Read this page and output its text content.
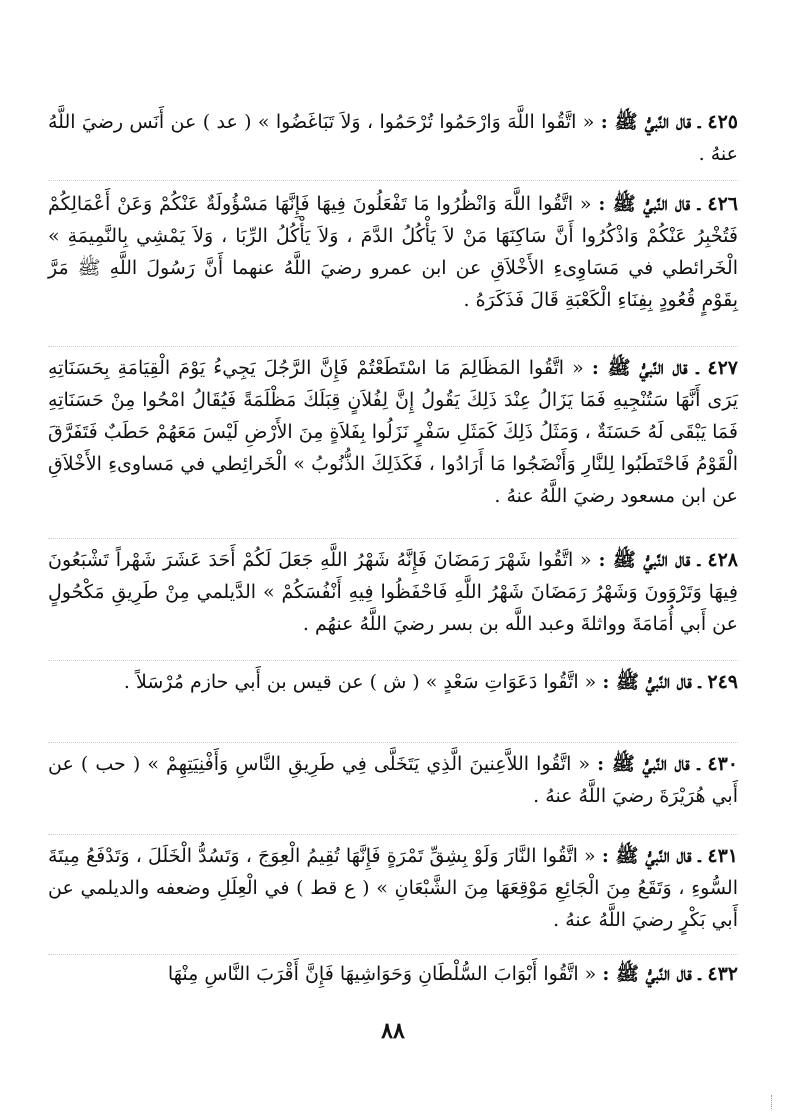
٤٢٥ ـ قال النَّبيُّ ﷺ : « اتَّقُوا اللَّهَ وَارْحَمُوا تُرْحَمُوا ، وَلاَ تَبَاغَضُوا » ( عد ) عن أَنَس رضيَ اللَّهُ عنهُ .
٤٢٦ ـ قال النَّبيُّ ﷺ : « اتَّقُوا اللَّهَ وَانْظُرُوا مَا تَفْعَلُونَ فِيهَا فَإِنَّهَا مَسْؤُولَةٌ عَنْكُمْ وَعَنْ أَعْمَالِكُمْ فَتُخْبِرُ عَنْكُمْ وَاذْكُرُوا أَنَّ سَاكِنَهَا مَنْ لاَ يَأْكُلُ الدَّمَ ، وَلاَ يَأْكُلُ الرِّبَا ، وَلاَ يَمْشِي بِالنَّمِيمَةِ » الْخَرائطي في مَسَاوِىءِ الأَخْلاَقِ عن ابن عمرو رضيَ اللَّهُ عنهما أَنَّ رَسُولَ اللَّهِ ﷺ مَرَّ بِقَوْمٍ قُعُودٍ بِفِنَاءِ الْكَعْبَةِ قَالَ فَذَكَرَهُ .
٤٢٧ ـ قال النَّبيُّ ﷺ : « اتَّقُوا المَظَالِمَ مَا اسْتَطَعْتُمْ فَإِنَّ الرَّجُلَ يَجِيءُ يَوْمَ الْقِيَامَةِ بِحَسَنَاتِهِ يَرَى أَنَّهَا سَتُنْجِيهِ فَمَا يَزَالُ عِنْدَ ذَلِكَ يَقُولُ إِنَّ لِفُلاَنٍ قِبَلَكَ مَظْلَمَةً فَيُقَالُ امْحُوا مِنْ حَسَنَاتِهِ فَمَا يَبْقَى لَهُ حَسَنَةٌ ، وَمَثَلُ ذَلِكَ كَمَثَلِ سَفْرٍ نَزَلُوا بِفَلاَةٍ مِنَ الأَرْضِ لَيْسَ مَعَهُمْ حَطَبٌ فَتَفَرَّقَ الْقَوْمُ فَاحْتَطَبُوا لِلنَّارِ وَأَنْضَجُوا مَا أَرَادُوا ، فَكَذَلِكَ الذُّنُوبُ » الْخَرائِطي في مَساوىءِ الأَخْلاَقِ عن ابن مسعود رضيَ اللَّهُ عنهُ .
٤٢٨ ـ قال النَّبيُّ ﷺ : « اتَّقُوا شَهْرَ رَمَضَانَ فَإِنَّهُ شَهْرُ اللَّهِ جَعَلَ لَكُمْ أَحَدَ عَشَرَ شَهْراً تَشْبَعُونَ فِيهَا وَتَرْوَونَ وَشَهْرُ رَمَضَانَ شَهْرُ اللَّهِ فَاحْفَظُوا فِيهِ أَنْفُسَكُمْ » الدَّيلمي مِنْ طَرِيقِ مَكْحُولٍ عن أَبي أُمَامَةَ وواثلةَ وعبد اللَّه بن بسر رضيَ اللَّهُ عنهُم .
٢٤٩ ـ قال النَّبيُّ ﷺ : « اتَّقُوا دَعَوَاتِ سَعْدٍ » ( ش ) عن قيس بن أَبي حازم مُرْسَلاً .
٤٣٠ ـ قال النَّبيُّ ﷺ : « اتَّقُوا اللاَّعِنينَ الَّذِي يَتَخَلَّى فِي طَرِيقِ النَّاسِ وَأَفْنِيَتِهِمْ » ( حب ) عن أَبي هُرَيْرَةَ رضيَ اللَّهُ عنهُ .
٤٣١ ـ قال النَّبيُّ ﷺ : « اتَّقُوا النَّارَ وَلَوْ بِشِقِّ تَمْرَةٍ فَإِنَّهَا تُقِيمُ الْعِوَجَ ، وَتَسُدُّ الْخَلَلَ ، وَتَدْفَعُ مِيتَةَ السُّوءِ ، وَتَقَعُ مِنَ الْجَائِعِ مَوْقِعَهَا مِنَ الشَّبْعَانِ » ( ع قط ) في الْعِلَلِ وضعفه والديلمي عن أَبي بَكْرٍ رضيَ اللَّهُ عنهُ .
٤٣٢ ـ قال النَّبيُّ ﷺ : « اتَّقُوا أَبْوَابَ السُّلْطَانِ وَحَوَاشِيهَا فَإِنَّ أَقْرَبَ النَّاسِ مِنْهَا
٨٨
